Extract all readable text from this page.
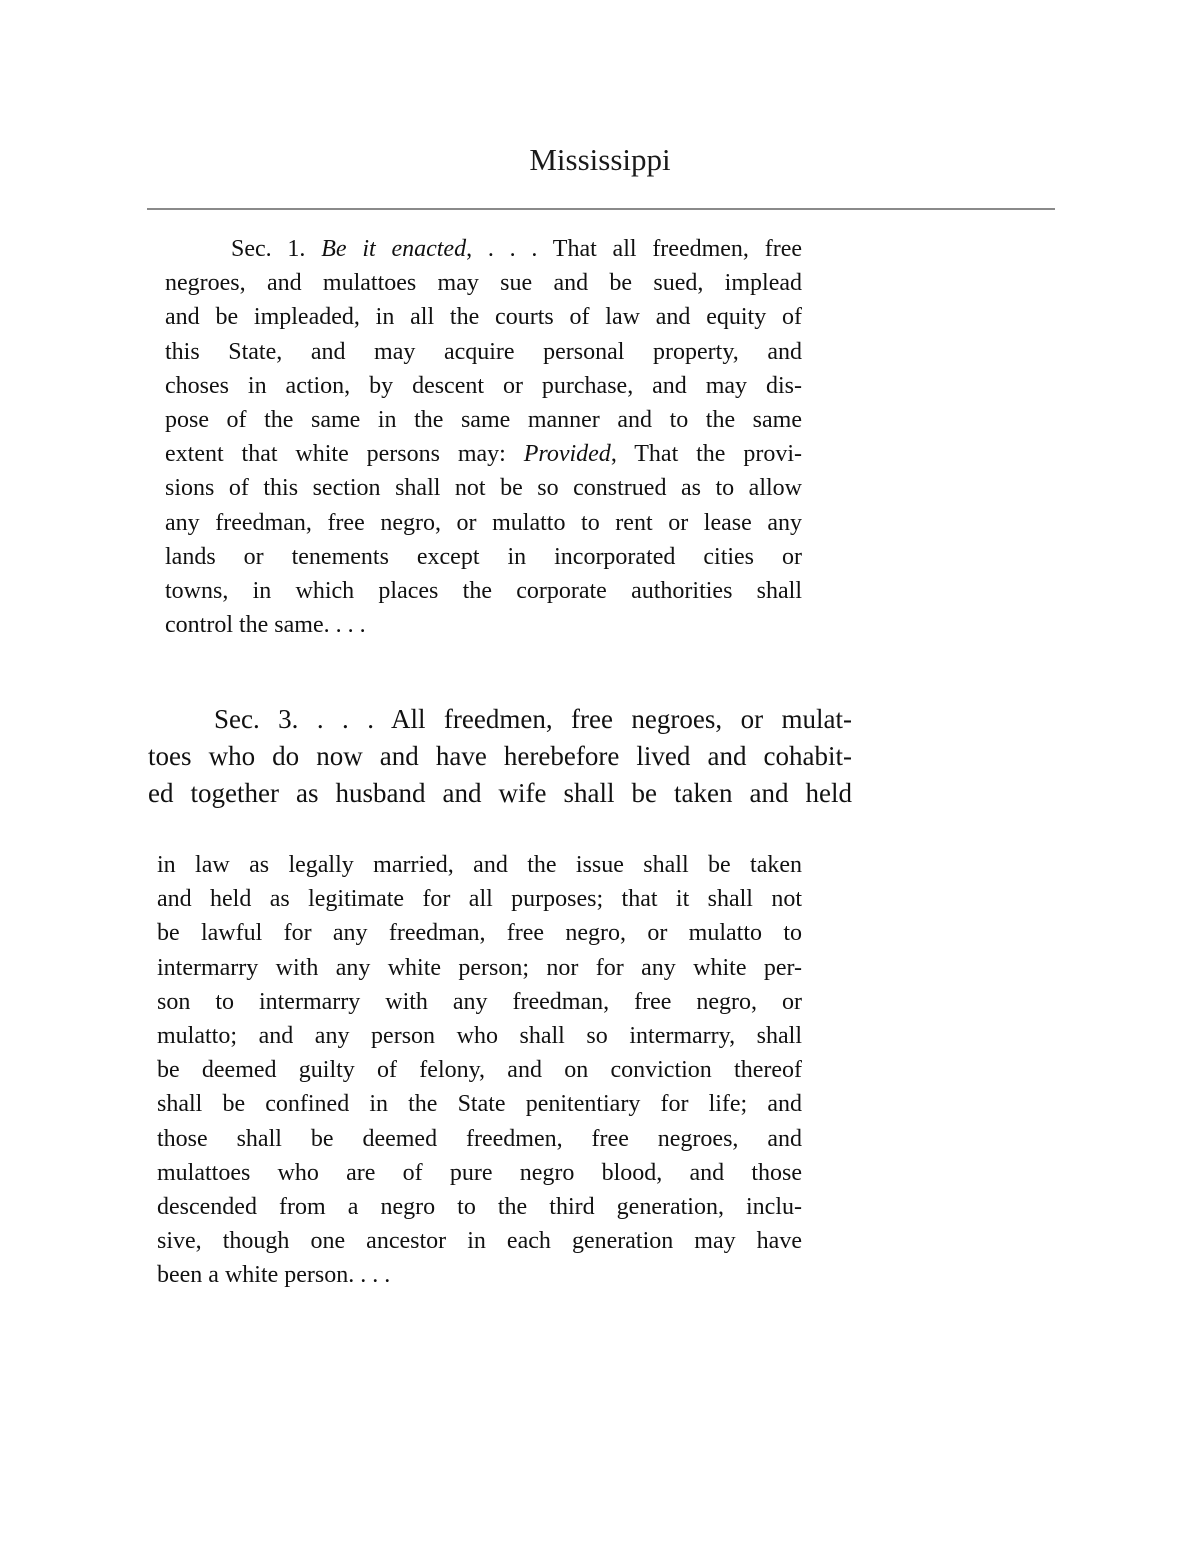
Mississippi
Sec. 1. Be it enacted, . . . That all freedmen, free
negroes, and mulattoes may sue and be sued, implead
and be impleaded, in all the courts of law and equity of
this State, and may acquire personal property, and
choses in action, by descent or purchase, and may dis-
pose of the same in the same manner and to the same
extent that white persons may: Provided, That the provi-
sions of this section shall not be so construed as to allow
any freedman, free negro, or mulatto to rent or lease any
lands or tenements except in incorporated cities or
towns, in which places the corporate authorities shall
control the same. . . .
Sec. 3. . . . All freedmen, free negroes, or mulat-
toes who do now and have herebefore lived and cohabit-
ed together as husband and wife shall be taken and held
in law as legally married, and the issue shall be taken
and held as legitimate for all purposes; that it shall not
be lawful for any freedman, free negro, or mulatto to
intermarry with any white person; nor for any white per-
son to intermarry with any freedman, free negro, or
mulatto; and any person who shall so intermarry, shall
be deemed guilty of felony, and on conviction thereof
shall be confined in the State penitentiary for life; and
those shall be deemed freedmen, free negroes, and
mulattoes who are of pure negro blood, and those
descended from a negro to the third generation, inclu-
sive, though one ancestor in each generation may have
been a white person. . . .
